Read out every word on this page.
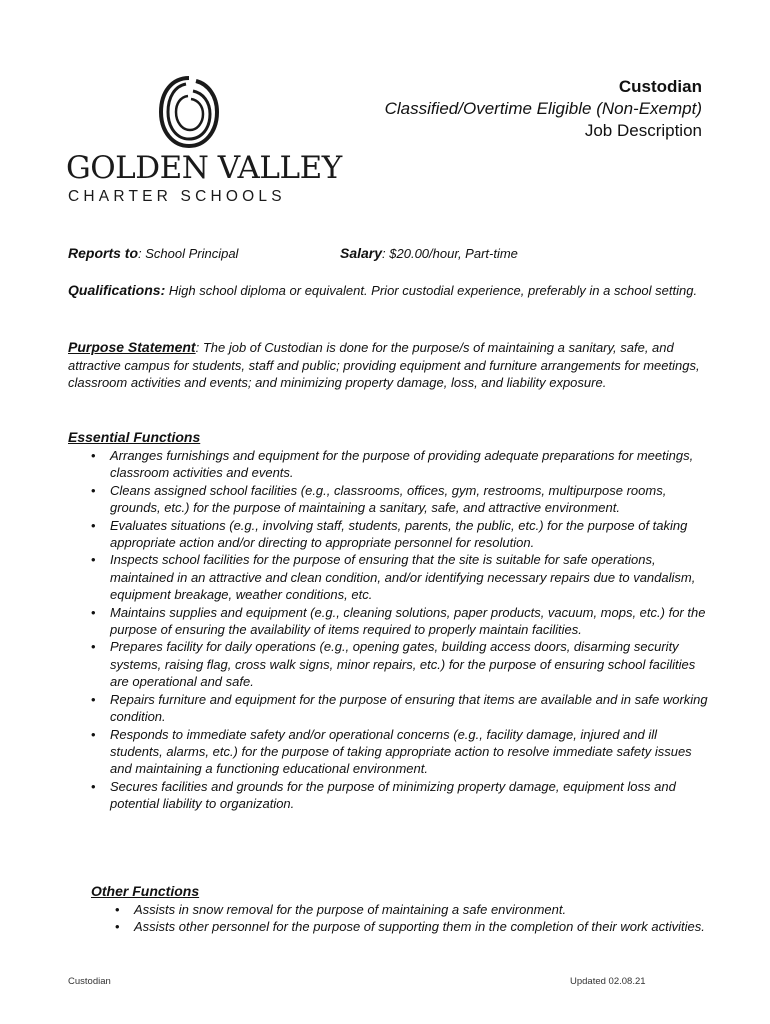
GOLDEN VALLEY
CHARTER SCHOOLS
Custodian
Classified/Overtime Eligible (Non-Exempt)
Job Description
Reports to: School Principal	Salary: $20.00/hour, Part-time
Qualifications: High school diploma or equivalent. Prior custodial experience, preferably in a school setting.
Purpose Statement: The job of Custodian is done for the purpose/s of maintaining a sanitary, safe, and attractive campus for students, staff and public; providing equipment and furniture arrangements for meetings, classroom activities and events; and minimizing property damage, loss, and liability exposure.
Essential Functions
• Arranges furnishings and equipment for the purpose of providing adequate preparations for meetings, classroom activities and events.
• Cleans assigned school facilities (e.g., classrooms, offices, gym, restrooms, multipurpose rooms, grounds, etc.) for the purpose of maintaining a sanitary, safe, and attractive environment.
• Evaluates situations (e.g., involving staff, students, parents, the public, etc.) for the purpose of taking appropriate action and/or directing to appropriate personnel for resolution.
• Inspects school facilities for the purpose of ensuring that the site is suitable for safe operations, maintained in an attractive and clean condition, and/or identifying necessary repairs due to vandalism, equipment breakage, weather conditions, etc.
• Maintains supplies and equipment (e.g., cleaning solutions, paper products, vacuum, mops, etc.) for the purpose of ensuring the availability of items required to properly maintain facilities.
• Prepares facility for daily operations (e.g., opening gates, building access doors, disarming security systems, raising flag, cross walk signs, minor repairs, etc.) for the purpose of ensuring school facilities are operational and safe.
• Repairs furniture and equipment for the purpose of ensuring that items are available and in safe working condition.
• Responds to immediate safety and/or operational concerns (e.g., facility damage, injured and ill students, alarms, etc.) for the purpose of taking appropriate action to resolve immediate safety issues and maintaining a functioning educational environment.
• Secures facilities and grounds for the purpose of minimizing property damage, equipment loss and potential liability to organization.
Other Functions
• Assists in snow removal for the purpose of maintaining a safe environment.
• Assists other personnel for the purpose of supporting them in the completion of their work activities.
Custodian	Updated 02.08.21
